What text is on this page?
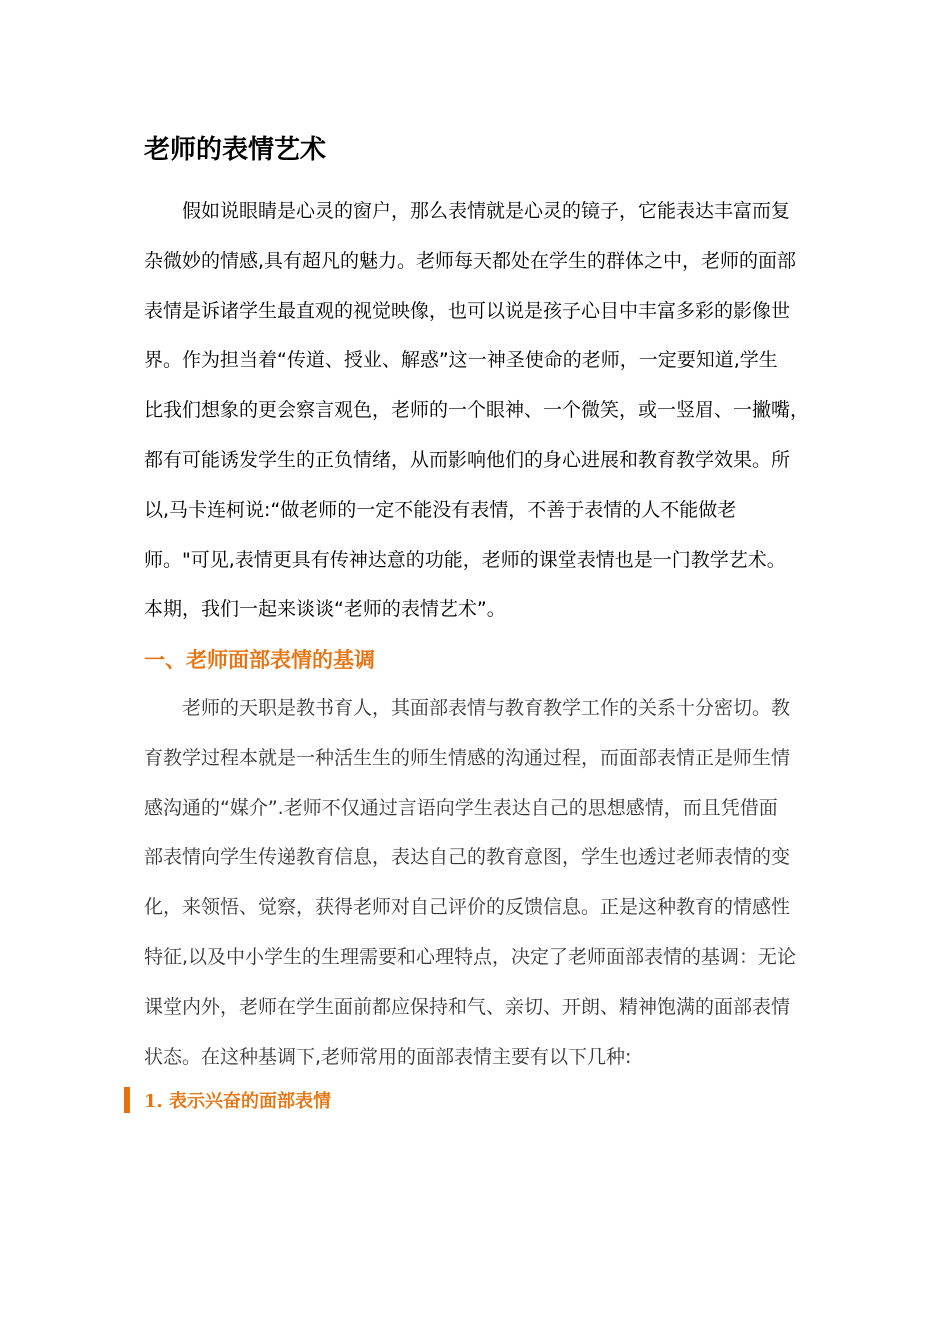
老师的表情艺术
　　假如说眼睛是心灵的窗户，那么表情就是心灵的镜子，它能表达丰富而复
杂微妙的情感,具有超凡的魅力。老师每天都处在学生的群体之中，老师的面部
表情是诉诸学生最直观的视觉映像，也可以说是孩子心目中丰富多彩的影像世
界。作为担当着“传道、授业、解惑”这一神圣使命的老师，一定要知道,学生
比我们想象的更会察言观色，老师的一个眼神、一个微笑，或一竖眉、一撇嘴，
都有可能诱发学生的正负情绪，从而影响他们的身心进展和教育教学效果。所
以,马卡连柯说:“做老师的一定不能没有表情，不善于表情的人不能做老
师。"可见,表情更具有传神达意的功能，老师的课堂表情也是一门教学艺术。
本期，我们一起来谈谈“老师的表情艺术”。
一、老师面部表情的基调
　　老师的天职是教书育人，其面部表情与教育教学工作的关系十分密切。教
育教学过程本就是一种活生生的师生情感的沟通过程，而面部表情正是师生情
感沟通的“媒介”.老师不仅通过言语向学生表达自己的思想感情，而且凭借面
部表情向学生传递教育信息，表达自己的教育意图，学生也透过老师表情的变
化，来领悟、觉察，获得老师对自己评价的反馈信息。正是这种教育的情感性
特征,以及中小学生的生理需要和心理特点，决定了老师面部表情的基调：无论
课堂内外，老师在学生面前都应保持和气、亲切、开朗、精神饱满的面部表情
状态。在这种基调下,老师常用的面部表情主要有以下几种:
1. 表示兴奋的面部表情
